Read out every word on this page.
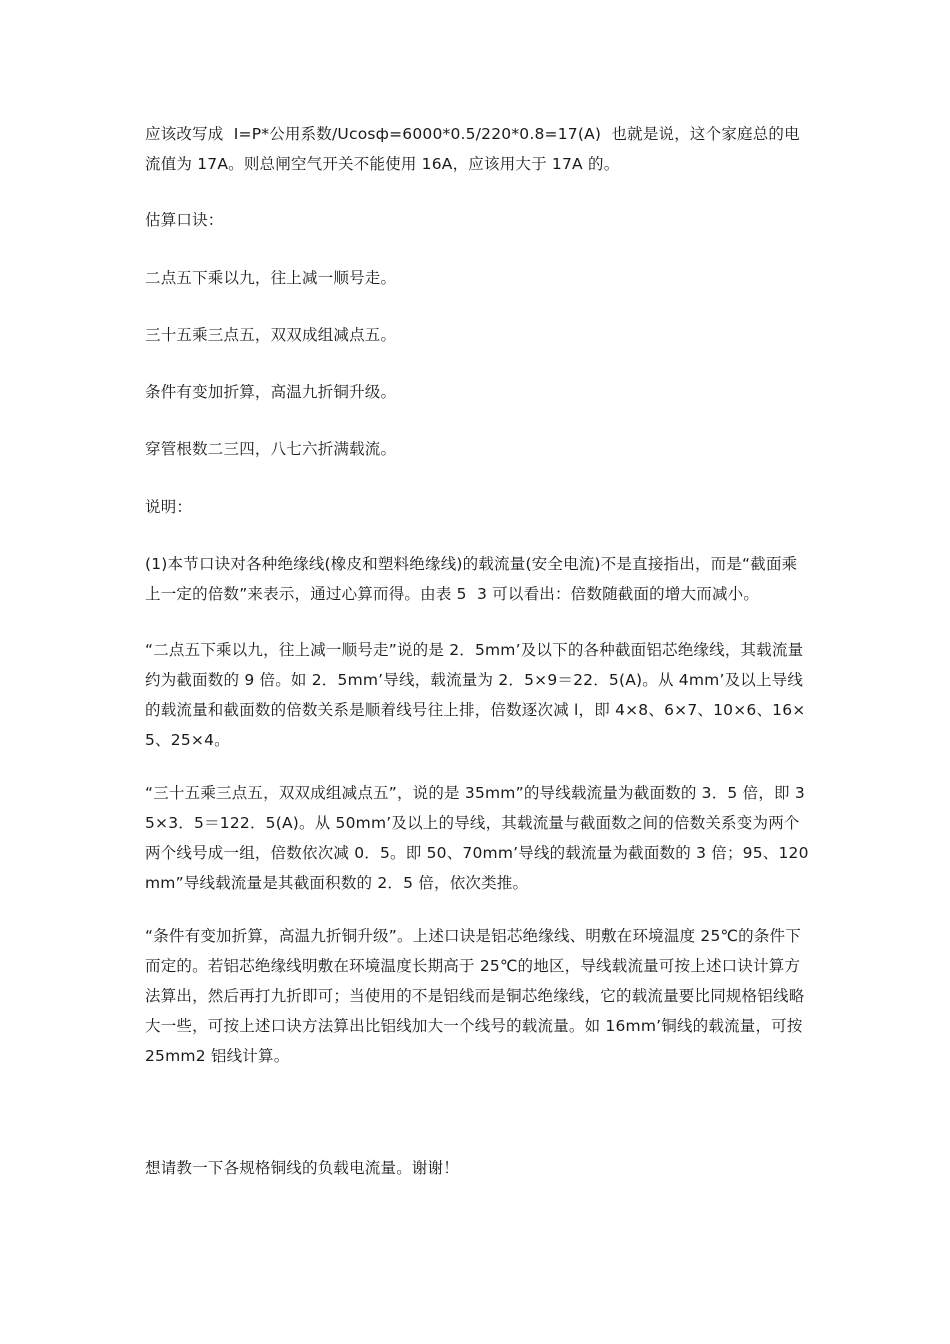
应该改写成  I=P*公用系数/Ucosф=6000*0.5/220*0.8=17(A)  也就是说，这个家庭总的电流值为 17A。则总闸空气开关不能使用 16A，应该用大于 17A 的。

估算口诀：

二点五下乘以九，往上减一顺号走。

三十五乘三点五，双双成组减点五。

条件有变加折算，高温九折铜升级。

穿管根数二三四，八七六折满载流。

说明：

(1)本节口诀对各种绝缘线(橡皮和塑料绝缘线)的载流量(安全电流)不是直接指出，而是“截面乘上一定的倍数”来表示，通过心算而得。由表 5  3 可以看出：倍数随截面的增大而减小。

“二点五下乘以九，往上减一顺号走”说的是 2．5mm’及以下的各种截面铝芯绝缘线，其载流量约为截面数的 9 倍。如 2．5mm’导线，载流量为 2．5×9＝22．5(A)。从 4mm’及以上导线的载流量和截面数的倍数关系是顺着线号往上排，倍数逐次减 l，即 4×8、6×7、10×6、16×5、25×4。

“三十五乘三点五，双双成组减点五”，说的是 35mm”的导线载流量为截面数的 3．5 倍，即 35×3．5＝122．5(A)。从 50mm’及以上的导线，其载流量与截面数之间的倍数关系变为两个两个线号成一组，倍数依次减 0．5。即 50、70mm’导线的载流量为截面数的 3 倍；95、120mm”导线载流量是其截面积数的 2．5 倍，依次类推。

“条件有变加折算，高温九折铜升级”。上述口诀是铝芯绝缘线、明敷在环境温度 25℃的条件下而定的。若铝芯绝缘线明敷在环境温度长期高于 25℃的地区，导线载流量可按上述口诀计算方法算出，然后再打九折即可；当使用的不是铝线而是铜芯绝缘线，它的载流量要比同规格铝线略大一些，可按上述口诀方法算出比铝线加大一个线号的载流量。如 16mm’铜线的载流量，可按 25mm2 铝线计算。

想请教一下各规格铜线的负载电流量。谢谢！
